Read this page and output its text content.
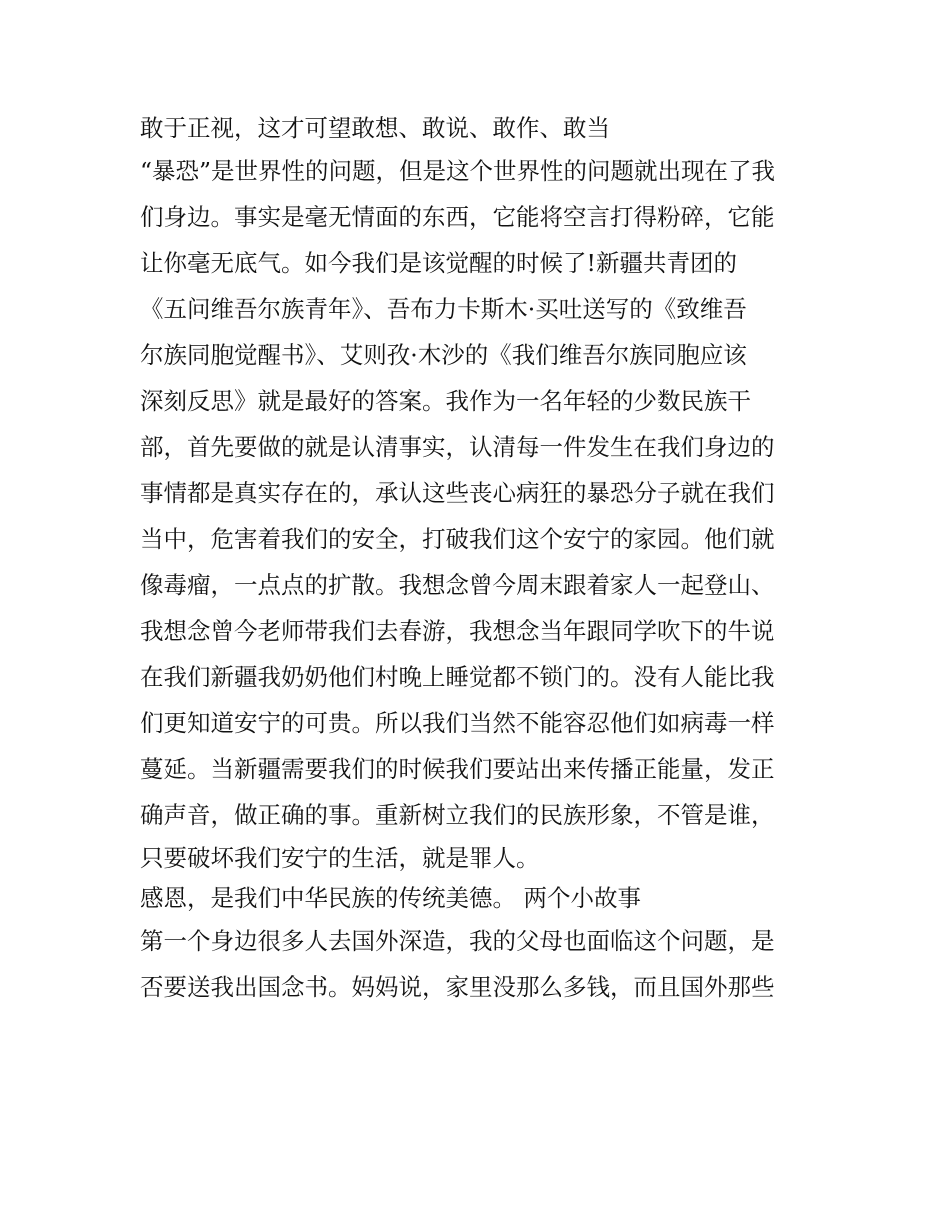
敢于正视，这才可望敢想、敢说、敢作、敢当
“暴恐”是世界性的问题，但是这个世界性的问题就出现在了我
们身边。事实是毫无情面的东西，它能将空言打得粉碎，它能
让你毫无底气。如今我们是该觉醒的时候了!新疆共青团的
《五问维吾尔族青年》、吾布力卡斯木·买吐送写的《致维吾
尔族同胞觉醒书》、艾则孜·木沙的《我们维吾尔族同胞应该
深刻反思》就是最好的答案。我作为一名年轻的少数民族干
部，首先要做的就是认清事实，认清每一件发生在我们身边的
事情都是真实存在的，承认这些丧心病狂的暴恐分子就在我们
当中，危害着我们的安全，打破我们这个安宁的家园。他们就
像毒瘤，一点点的扩散。我想念曾今周末跟着家人一起登山、
我想念曾今老师带我们去春游，我想念当年跟同学吹下的牛说
在我们新疆我奶奶他们村晚上睡觉都不锁门的。没有人能比我
们更知道安宁的可贵。所以我们当然不能容忍他们如病毒一样
蔓延。当新疆需要我们的时候我们要站出来传播正能量，发正
确声音，做正确的事。重新树立我们的民族形象，不管是谁，
只要破坏我们安宁的生活，就是罪人。
感恩，是我们中华民族的传统美德。 两个小故事
第一个身边很多人去国外深造，我的父母也面临这个问题，是
否要送我出国念书。妈妈说，家里没那么多钱，而且国外那些
